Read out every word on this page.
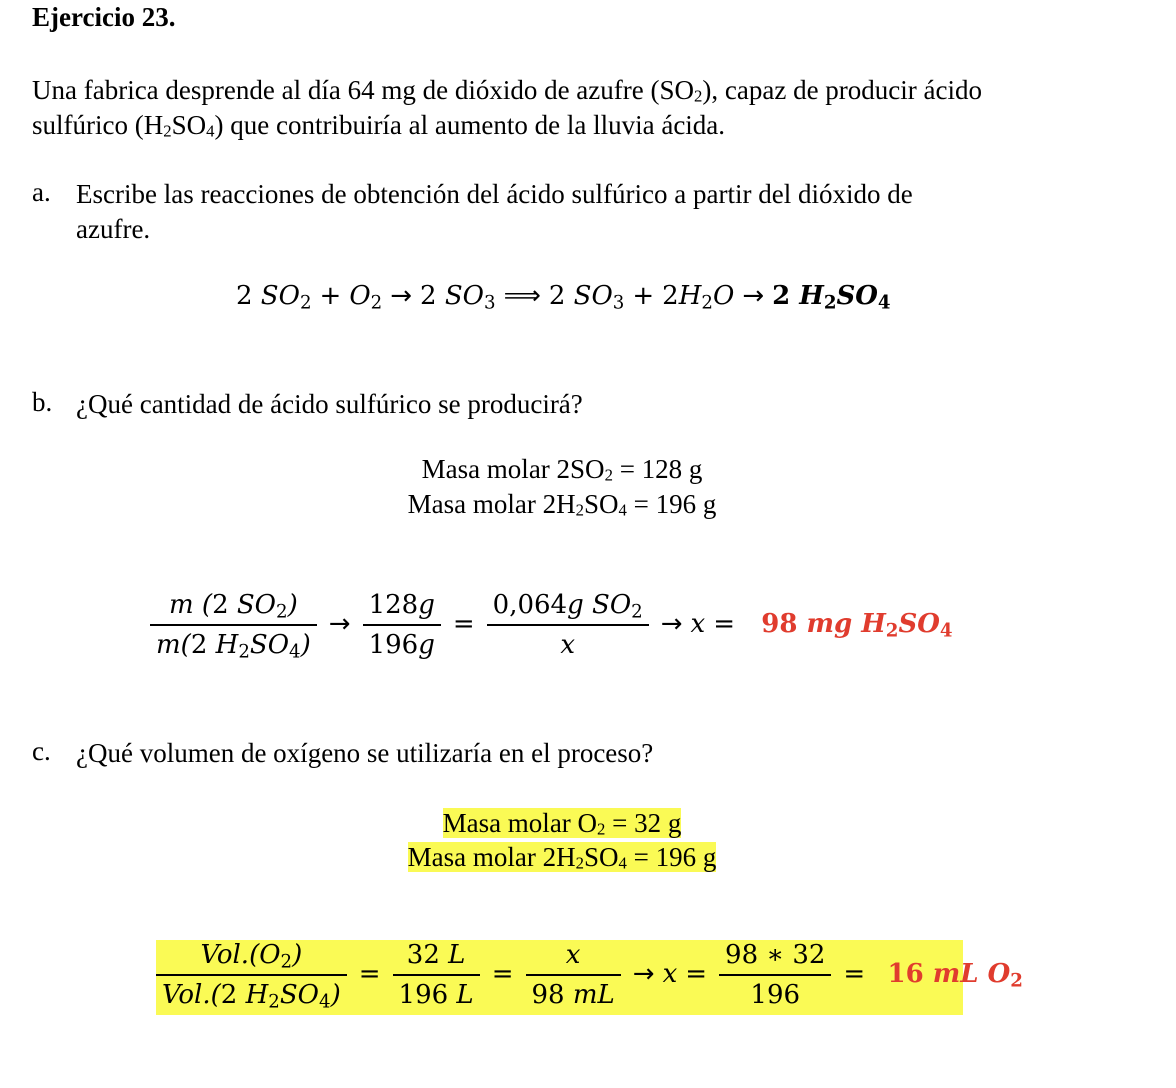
Ejercicio 23.
Una fabrica desprende al día 64 mg de dióxido de azufre (SO2), capaz de producir ácido
sulfúrico (H2SO4) que contribuiría al aumento de la lluvia ácida.
a. Escribe las reacciones de obtención del ácido sulfúrico a partir del dióxido de
azufre.
2 $SO_2 + O_2 \to 2$ $SO_3$ ⟹ 2 $SO_3 + 2H_2O \to 2$ $H_2SO_4$
b. ¿Qué cantidad de ácido sulfúrico se producirá?
Masa molar 2SO2 = 128 g
Masa molar 2H2SO4 = 196 g
$\frac{m (2 SO_2)}{m(2 H_2SO_4)} \to \frac{128g}{196g} = \frac{0,064g SO_2}{x} \to x = 98$ mg $H_2SO_4$
c. ¿Qué volumen de oxígeno se utilizaría en el proceso?
Masa molar O2 = 32 g
Masa molar 2H2SO4 = 196 g
$\frac{Vol.(O_2)}{Vol.(2 H_2SO_4)} = \frac{32 L}{196 L} = \frac{x}{98 mL} \to x = \frac{98 ∗ 32}{196} = 16$ mL $O_2$
